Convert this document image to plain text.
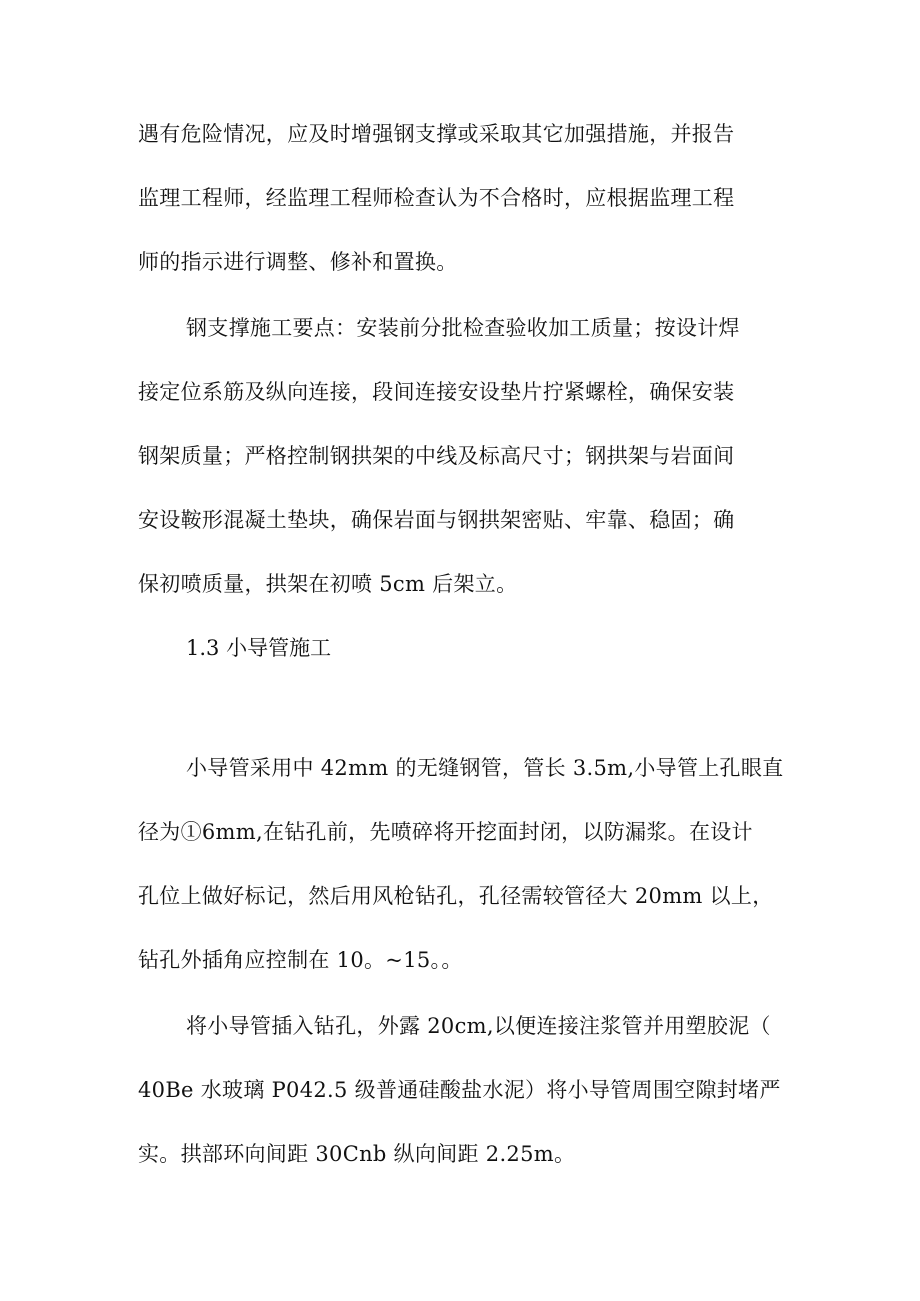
遇有危险情况，应及时增强钢支撑或采取其它加强措施，并报告
监理工程师，经监理工程师检查认为不合格时，应根据监理工程
师的指示进行调整、修补和置换。

钢支撑施工要点：安装前分批检查验收加工质量；按设计焊
接定位系筋及纵向连接，段间连接安设垫片拧紧螺栓，确保安装
钢架质量；严格控制钢拱架的中线及标高尺寸；钢拱架与岩面间
安设鞍形混凝土垫块，确保岩面与钢拱架密贴、牢靠、稳固；确
保初喷质量，拱架在初喷 5cm 后架立。

1.3 小导管施工

小导管采用中 42mm 的无缝钢管，管长 3.5m,小导管上孔眼直
径为①6mm,在钻孔前，先喷碎将开挖面封闭，以防漏浆。在设计
孔位上做好标记，然后用风枪钻孔，孔径需较管径大 20mm 以上，
钻孔外插角应控制在 10。~15。。

将小导管插入钻孔，外露 20cm,以便连接注浆管并用塑胶泥（
40Be 水玻璃 P042.5 级普通硅酸盐水泥）将小导管周围空隙封堵严
实。拱部环向间距 30Cnb 纵向间距 2.25m。
